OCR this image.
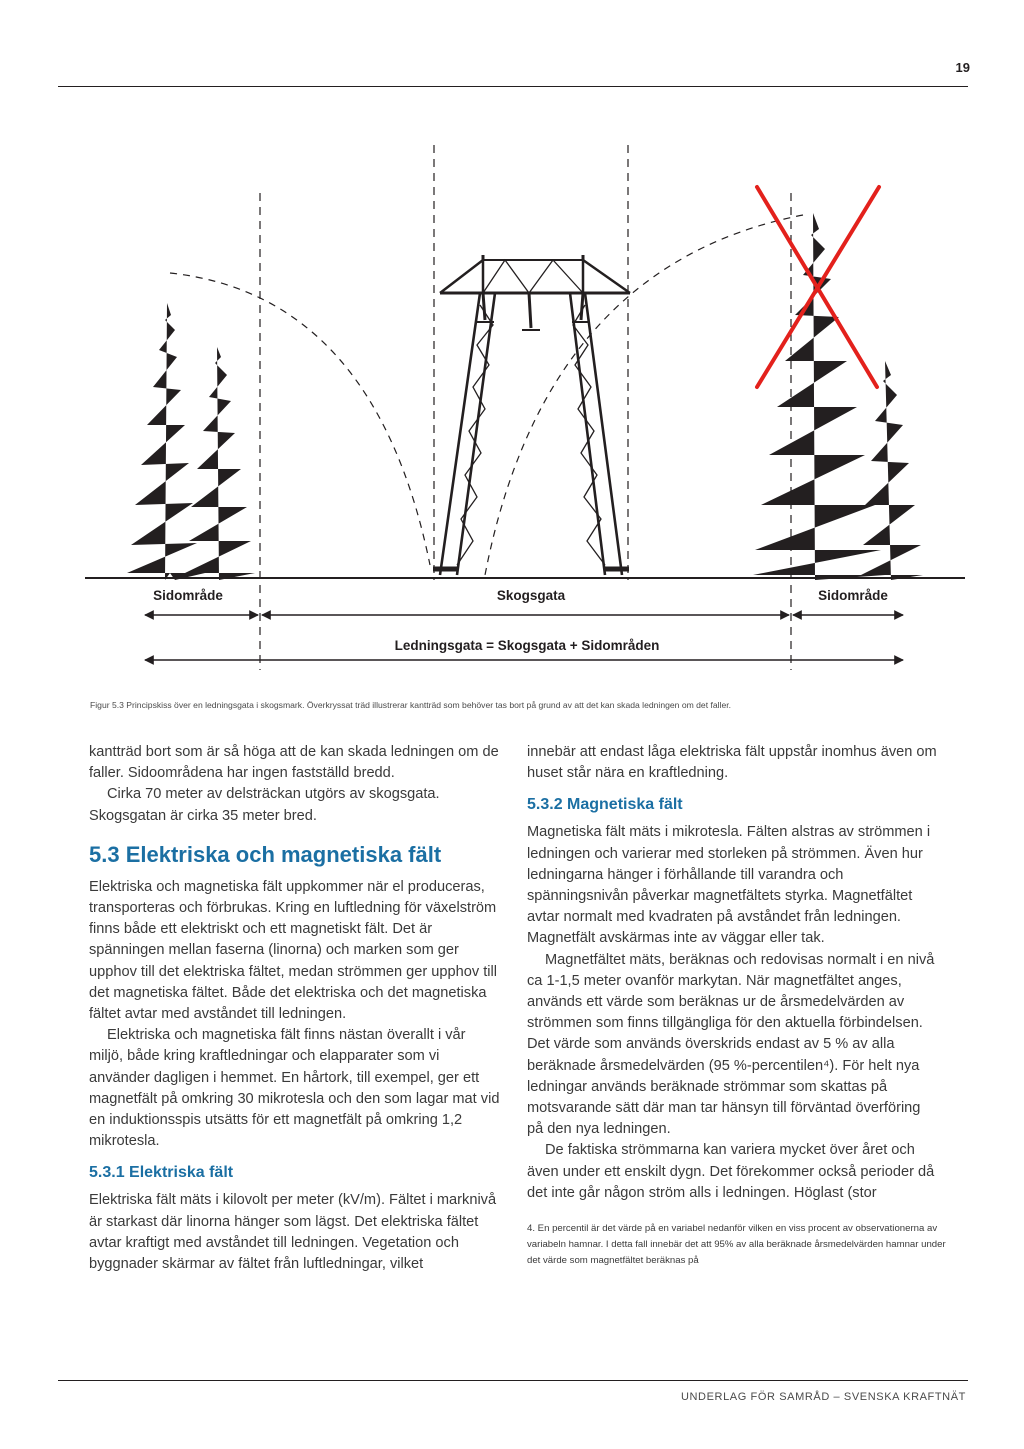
19
Sidområde	Skogsgata	Sidområde
Ledningsgata = Skogsgata + Sidområden
Figur 5.3 Principskiss över en ledningsgata i skogsmark. Överkryssat träd illustrerar kantträd som behöver tas bort på grund av att det kan skada ledningen om det faller.

kantträd bort som är så höga att de kan skada ledningen om de faller. Sidoområdena har ingen fastställd bredd.

Cirka 70 meter av delsträckan utgörs av skogsgata. Skogsgatan är cirka 35 meter bred.

5.3 Elektriska och magnetiska fält

Elektriska och magnetiska fält uppkommer när el produceras, transporteras och förbrukas. Kring en luftledning för växelström finns både ett elektriskt och ett magnetiskt fält. Det är spänningen mellan faserna (linorna) och marken som ger upphov till det elektriska fältet, medan strömmen ger upphov till det magnetiska fältet. Både det elektriska och det magnetiska fältet avtar med avståndet till ledningen.

Elektriska och magnetiska fält finns nästan överallt i vår miljö, både kring kraftledningar och elapparater som vi använder dagligen i hemmet. En hårtork, till exempel, ger ett magnetfält på omkring 30 mikrotesla och den som lagar mat vid en induktionsspis utsätts för ett magnetfält på omkring 1,2 mikrotesla.

5.3.1 Elektriska fält

Elektriska fält mäts i kilovolt per meter (kV/m). Fältet i marknivå är starkast där linorna hänger som lägst. Det elektriska fältet avtar kraftigt med avståndet till ledningen. Vegetation och byggnader skärmar av fältet från luftledningar, vilket

innebär att endast låga elektriska fält uppstår inomhus även om huset står nära en kraftledning.

5.3.2 Magnetiska fält

Magnetiska fält mäts i mikrotesla. Fälten alstras av strömmen i ledningen och varierar med storleken på strömmen. Även hur ledningarna hänger i förhållande till varandra och spänningsnivån påverkar magnetfältets styrka. Magnetfältet avtar normalt med kvadraten på avståndet från ledningen. Magnetfält avskärmas inte av väggar eller tak.

Magnetfältet mäts, beräknas och redovisas normalt i en nivå ca 1-1,5 meter ovanför markytan. När magnetfältet anges, används ett värde som beräknas ur de årsmedelvärden av strömmen som finns tillgängliga för den aktuella förbindelsen. Det värde som används överskrids endast av 5 % av alla beräknade årsmedelvärden (95 %-percentilen⁴). För helt nya ledningar används beräknade strömmar som skattas på motsvarande sätt där man tar hänsyn till förväntad överföring på den nya ledningen.

De faktiska strömmarna kan variera mycket över året och även under ett enskilt dygn. Det förekommer också perioder då det inte går någon ström alls i ledningen. Höglast (stor

4. En percentil är det värde på en variabel nedanför vilken en viss procent av observationerna av variabeln hamnar. I detta fall innebär det att 95% av alla beräknade årsmedelvärden hamnar under det värde som magnetfältet beräknas på
UNDERLAG FÖR SAMRÅD – SVENSKA KRAFTNÄT
